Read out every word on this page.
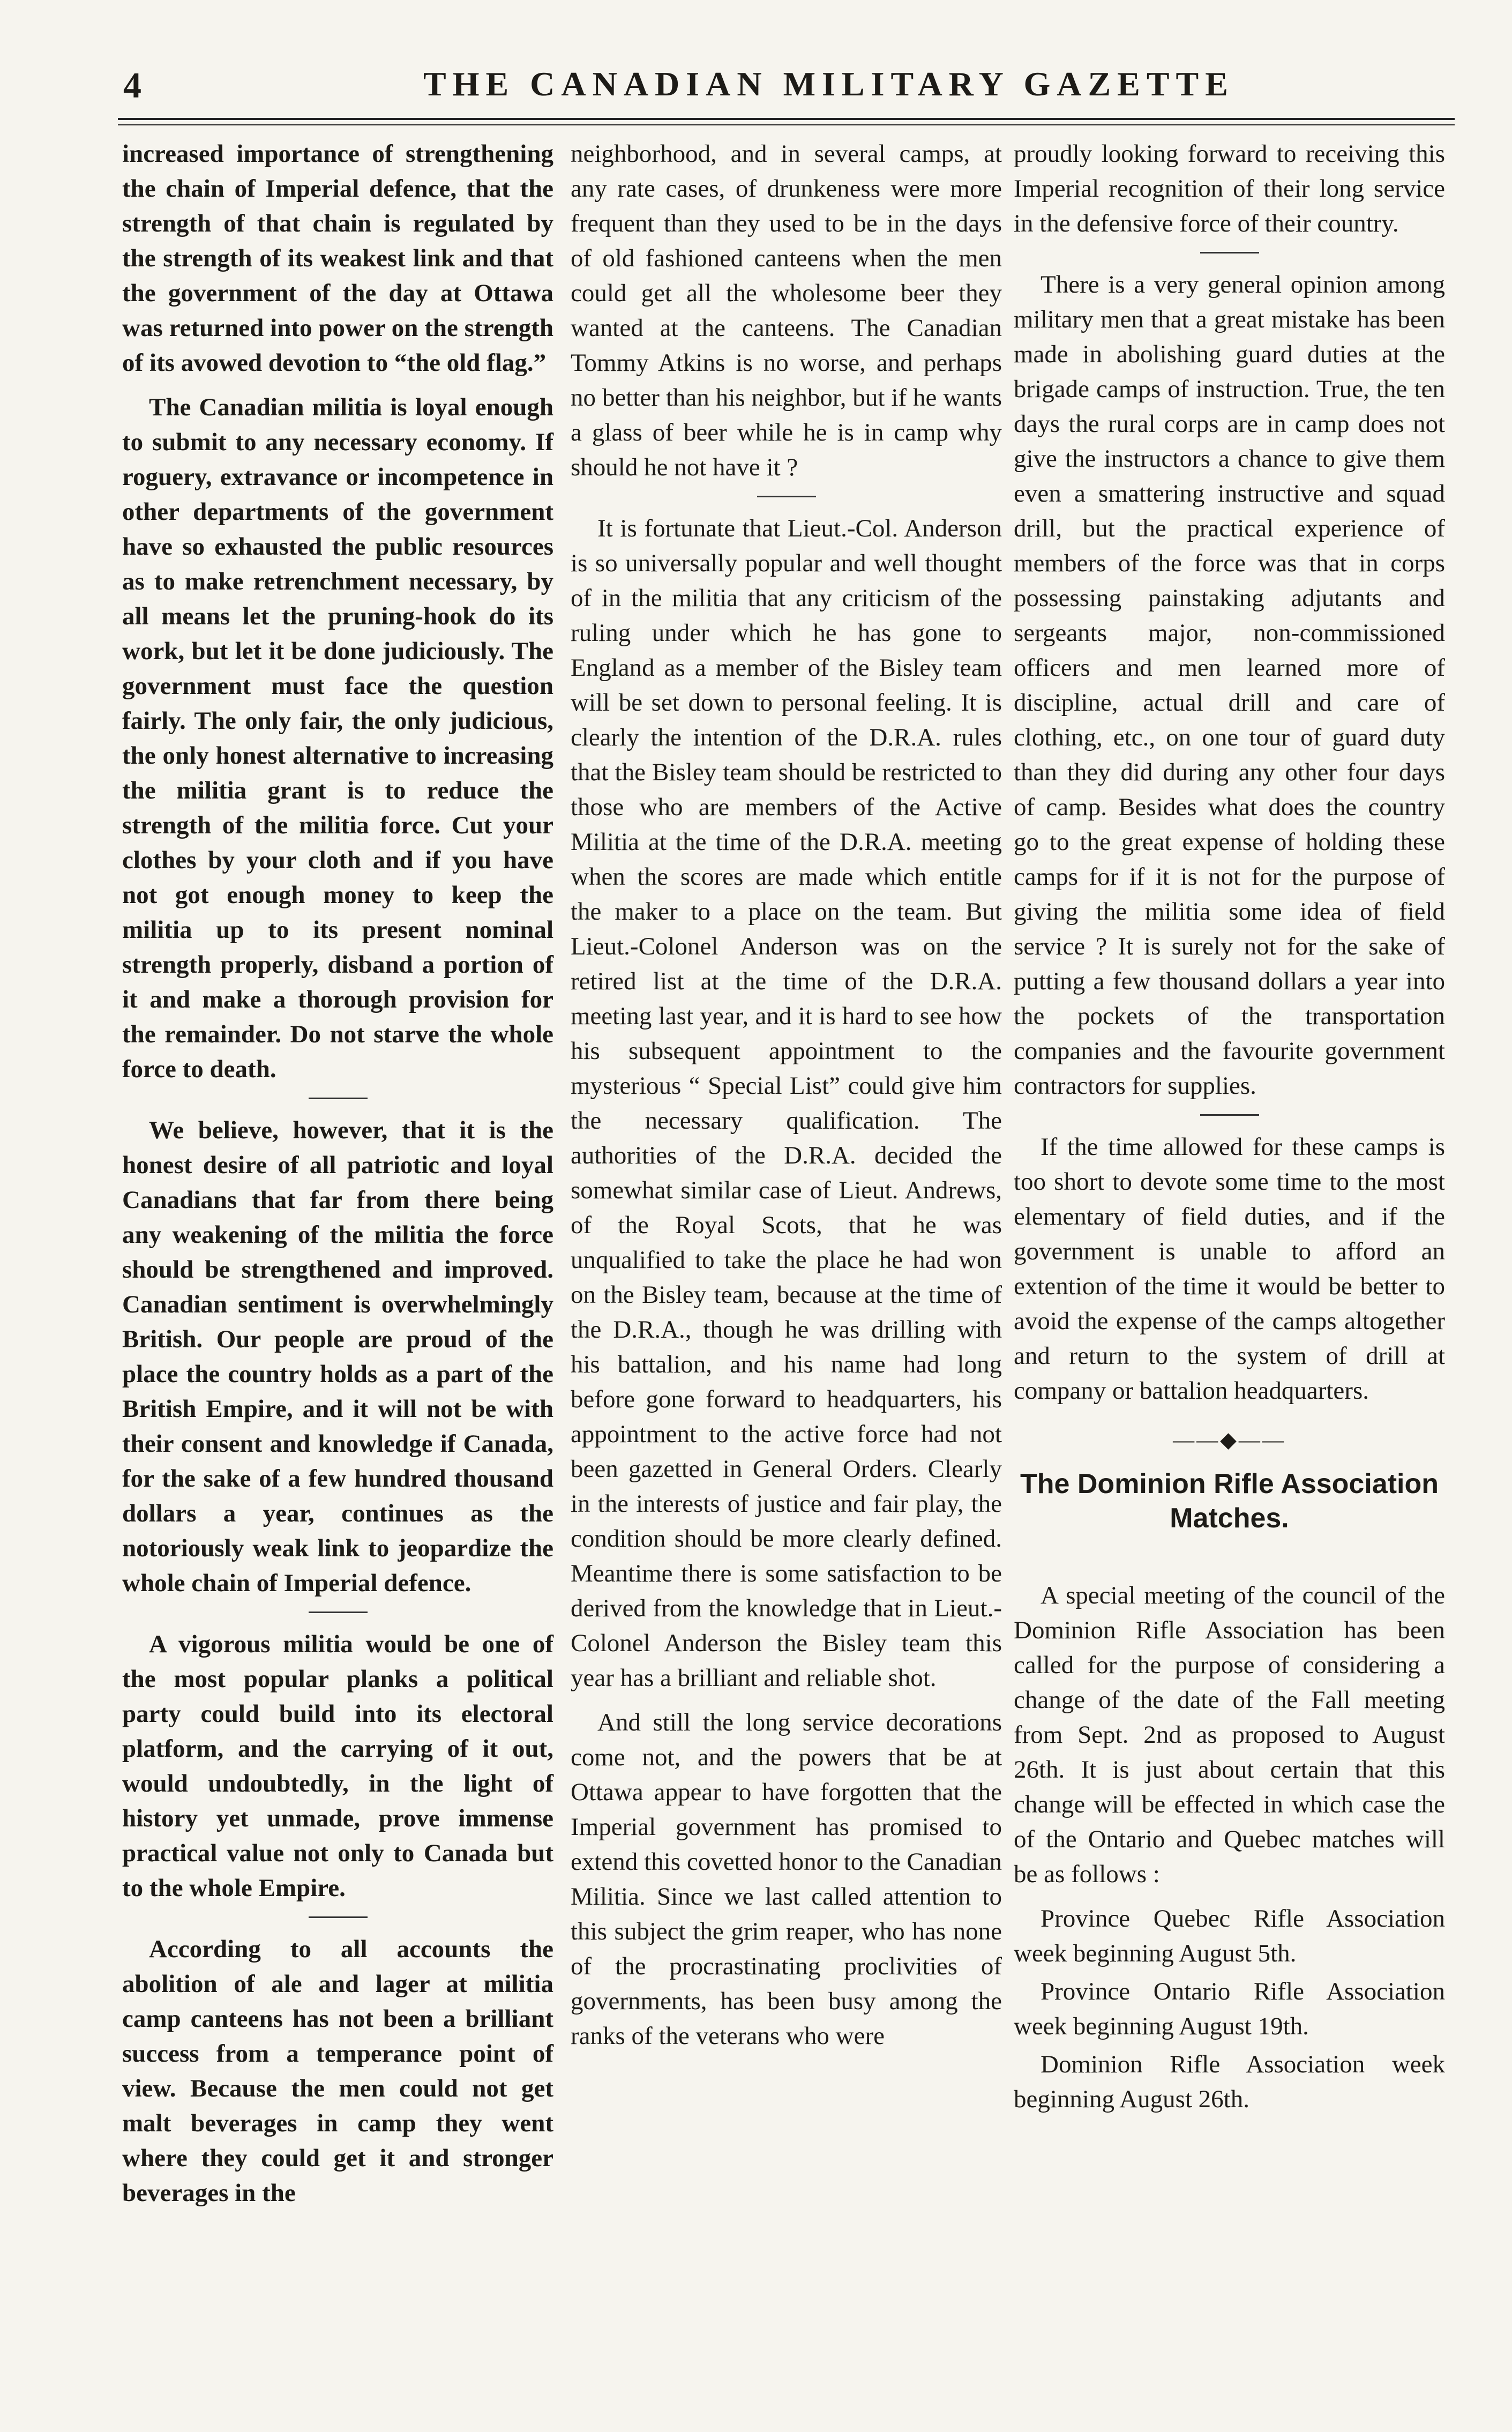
4	THE CANADIAN MILITARY GAZETTE

increased importance of strengthening the chain of Imperial defence, that the strength of that chain is regulated by the strength of its weakest link and that the government of the day at Ottawa was returned into power on the strength of its avowed devotion to “the old flag.”

The Canadian militia is loyal enough to submit to any necessary economy. If roguery, extravance or incompetence in other departments of the government have so exhausted the public resources as to make retrenchment necessary, by all means let the pruning-hook do its work, but let it be done judiciously. The government must face the question fairly. The only fair, the only judicious, the only honest alternative to increasing the militia grant is to reduce the strength of the militia force. Cut your clothes by your cloth and if you have not got enough money to keep the militia up to its present nominal strength properly, disband a portion of it and make a thorough provision for the remainder. Do not starve the whole force to death.

We believe, however, that it is the honest desire of all patriotic and loyal Canadians that far from there being any weakening of the militia the force should be strengthened and improved. Canadian sentiment is overwhelmingly British. Our people are proud of the place the country holds as a part of the British Empire, and it will not be with their consent and knowledge if Canada, for the sake of a few hundred thousand dollars a year, continues as the notoriously weak link to jeopardize the whole chain of Imperial defence.

A vigorous militia would be one of the most popular planks a political party could build into its electoral platform, and the carrying of it out, would undoubtedly, in the light of history yet unmade, prove immense practical value not only to Canada but to the whole Empire.

According to all accounts the abolition of ale and lager at militia camp canteens has not been a brilliant success from a temperance point of view. Because the men could not get malt beverages in camp they went where they could get it and stronger beverages in the

neighborhood, and in several camps, at any rate cases, of drunkeness were more frequent than they used to be in the days of old fashioned canteens when the men could get all the wholesome beer they wanted at the canteens. The Canadian Tommy Atkins is no worse, and perhaps no better than his neighbor, but if he wants a glass of beer while he is in camp why should he not have it ?

It is fortunate that Lieut.-Col. Anderson is so universally popular and well thought of in the militia that any criticism of the ruling under which he has gone to England as a member of the Bisley team will be set down to personal feeling. It is clearly the intention of the D.R.A. rules that the Bisley team should be restricted to those who are members of the Active Militia at the time of the D.R.A. meeting when the scores are made which entitle the maker to a place on the team. But Lieut.-Colonel Anderson was on the retired list at the time of the D.R.A. meeting last year, and it is hard to see how his subsequent appointment to the mysterious “ Special List” could give him the necessary qualification. The authorities of the D.R.A. decided the somewhat similar case of Lieut. Andrews, of the Royal Scots, that he was unqualified to take the place he had won on the Bisley team, because at the time of the D.R.A., though he was drilling with his battalion, and his name had long before gone forward to headquarters, his appointment to the active force had not been gazetted in General Orders. Clearly in the interests of justice and fair play, the condition should be more clearly defined. Meantime there is some satisfaction to be derived from the knowledge that in Lieut.-Colonel Anderson the Bisley team this year has a brilliant and reliable shot.

And still the long service decorations come not, and the powers that be at Ottawa appear to have forgotten that the Imperial government has promised to extend this covetted honor to the Canadian Militia. Since we last called attention to this subject the grim reaper, who has none of the procrastinating proclivities of governments, has been busy among the ranks of the veterans who were

proudly looking forward to receiving this Imperial recognition of their long service in the defensive force of their country.

There is a very general opinion among military men that a great mistake has been made in abolishing guard duties at the brigade camps of instruction. True, the ten days the rural corps are in camp does not give the instructors a chance to give them even a smattering instructive and squad drill, but the practical experience of members of the force was that in corps possessing painstaking adjutants and sergeants major, non-commissioned officers and men learned more of discipline, actual drill and care of clothing, etc., on one tour of guard duty than they did during any other four days of camp. Besides what does the country go to the great expense of holding these camps for if it is not for the purpose of giving the militia some idea of field service ? It is surely not for the sake of putting a few thousand dollars a year into the pockets of the transportation companies and the favourite government contractors for supplies.

If the time allowed for these camps is too short to devote some time to the most elementary of field duties, and if the government is unable to afford an extention of the time it would be better to avoid the expense of the camps altogether and return to the system of drill at company or battalion headquarters.

——◆——
The Dominion Rifle Association Matches.

A special meeting of the council of the Dominion Rifle Association has been called for the purpose of considering a change of the date of the Fall meeting from Sept. 2nd as proposed to August 26th. It is just about certain that this change will be effected in which case the of the Ontario and Quebec matches will be as follows :

Province Quebec Rifle Association week beginning August 5th.

Province Ontario Rifle Association week beginning August 19th.

Dominion Rifle Association week beginning August 26th.
